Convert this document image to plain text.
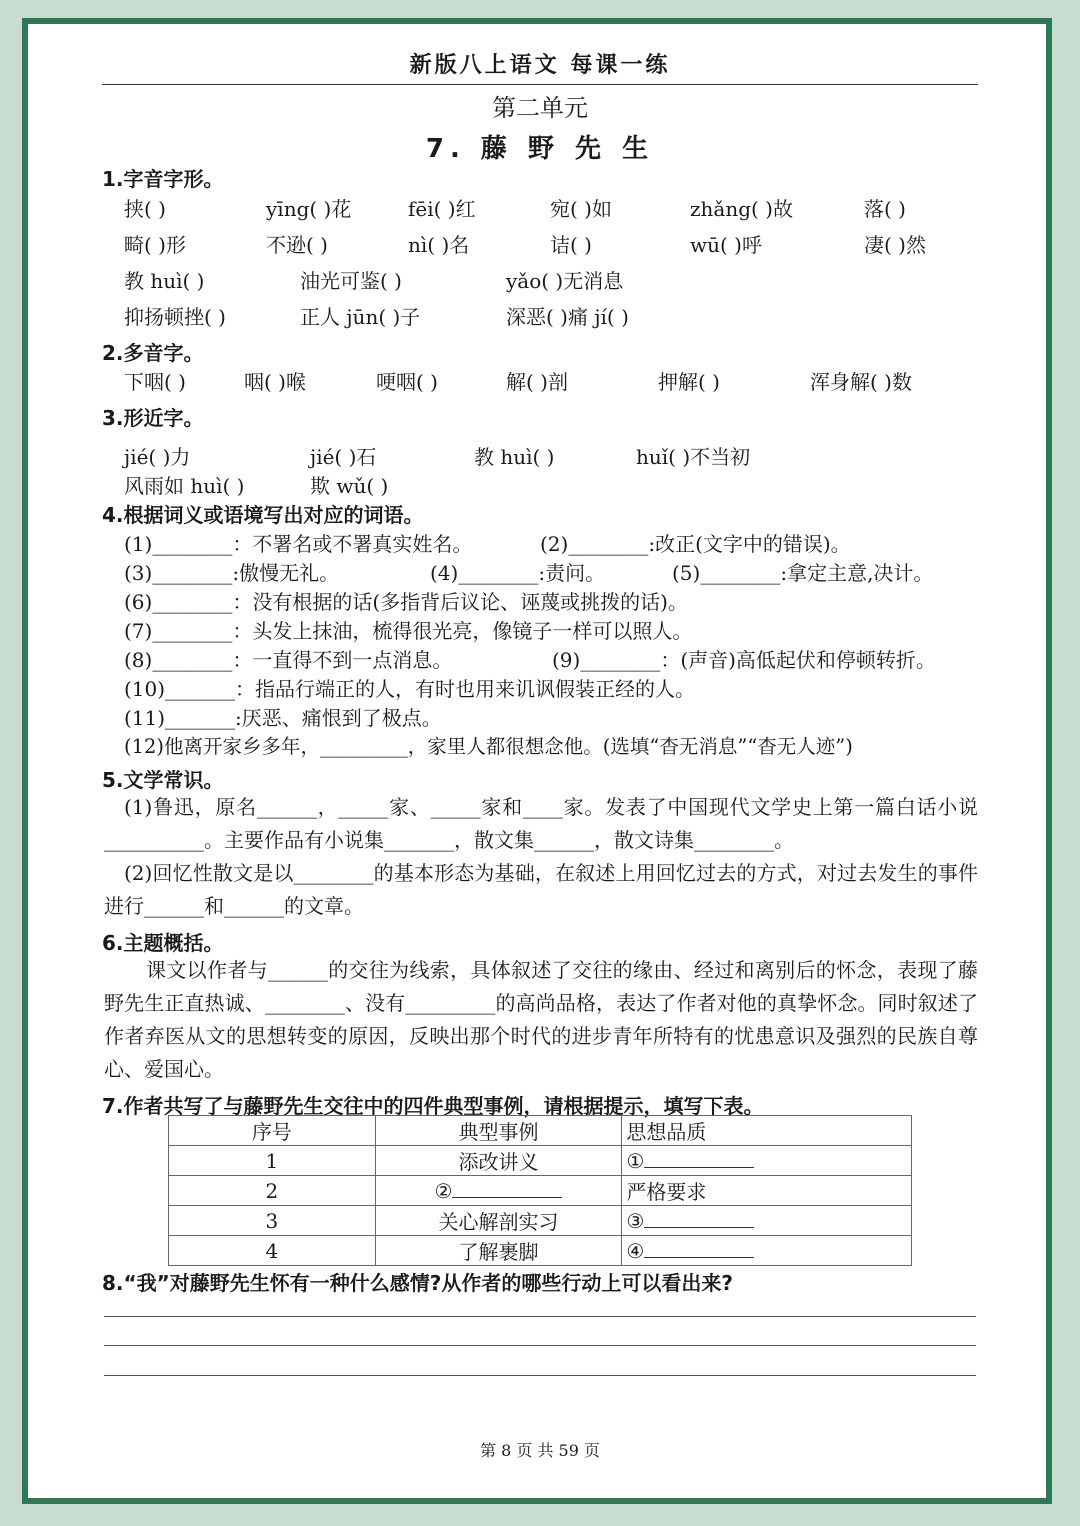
新版八上语文 每课一练
第二单元
7. 藤 野 先 生
1.字音字形。
挟( )	yīng( )花	fēi( )红	宛( )如	zhǎng( )故	落( )
畸( )形	不逊( )	nì( )名	诘( )	wū( )呼	凄( )然
教 huì( )	油光可鉴( )	yǎo( )无消息
抑扬顿挫( )	正人 jūn( )子	深恶( )痛 jí( )
2.多音字。
下咽( )	咽( )喉	哽咽( )	解( )剖	押解( )	浑身解( )数
3.形近字。
jié( )力	jié( )石	教 huì( )	huǐ( )不当初
风雨如 huì( )	欺 wǔ( )
4.根据词义或语境写出对应的词语。
(1)________：不署名或不署真实姓名。	(2)________:改正(文字中的错误)。
(3)________:傲慢无礼。	(4)________:责问。	(5)________:拿定主意,决计。
(6)________：没有根据的话(多指背后议论、诬蔑或挑拨的话)。
(7)________：头发上抹油，梳得很光亮，像镜子一样可以照人。
(8)________：一直得不到一点消息。	(9)________：(声音)高低起伏和停顿转折。
(10)_______：指品行端正的人，有时也用来讥讽假装正经的人。
(11)_______:厌恶、痛恨到了极点。
(12)他离开家乡多年，_________，家里人都很想念他。(选填“杳无消息”“杳无人迹”)
5.文学常识。
(1)鲁迅，原名______，_____家、_____家和____家。发表了中国现代文学史上第一篇白话小说__________。主要作品有小说集_______，散文集______，散文诗集________。
(2)回忆性散文是以________的基本形态为基础，在叙述上用回忆过去的方式，对过去发生的事件进行______和______的文章。
6.主题概括。
课文以作者与______的交往为线索，具体叙述了交往的缘由、经过和离别后的怀念，表现了藤野先生正直热诚、________、没有_________的高尚品格，表达了作者对他的真挚怀念。同时叙述了作者弃医从文的思想转变的原因，反映出那个时代的进步青年所特有的忧患意识及强烈的民族自尊心、爱国心。
7.作者共写了与藤野先生交往中的四件典型事例，请根据提示，填写下表。
序号	典型事例	思想品质
1	添改讲义	①
2	②	严格要求
3	关心解剖实习	③
4	了解裹脚	④
8.“我”对藤野先生怀有一种什么感情?从作者的哪些行动上可以看出来?
第 8 页 共 59 页
